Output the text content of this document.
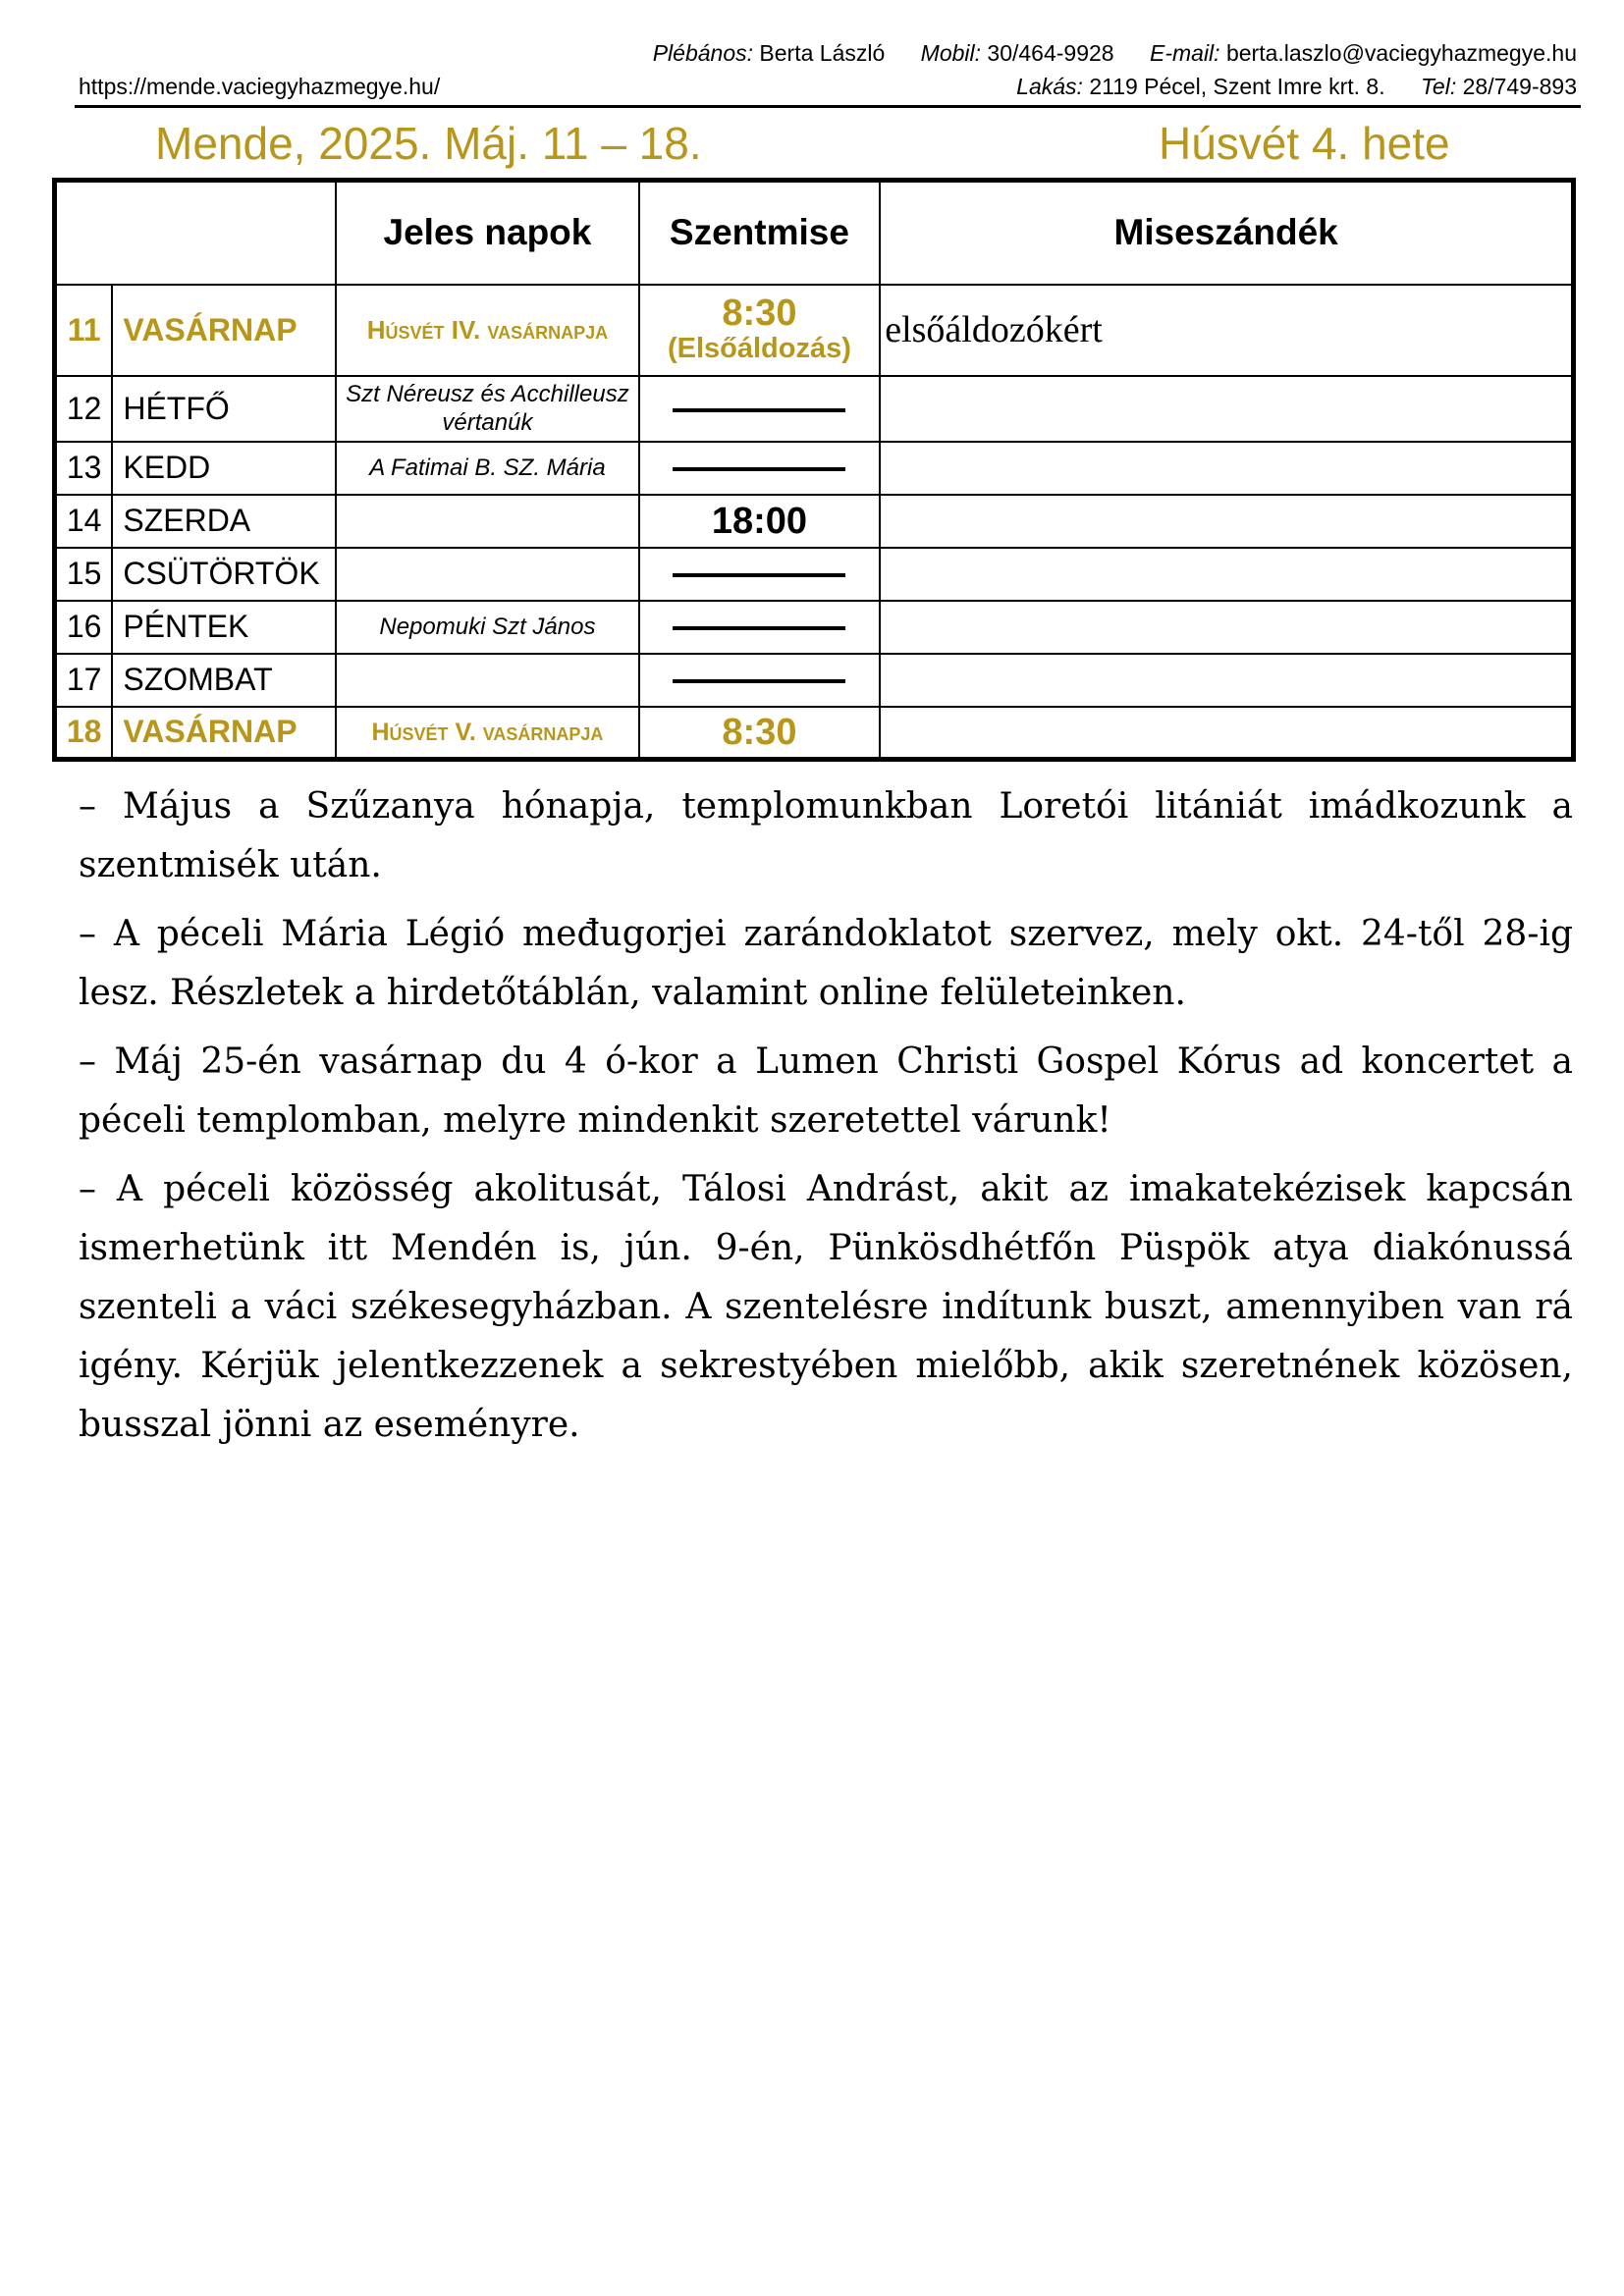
Plébános: Berta László Mobil: 30/464-9928 E-mail: berta.laszlo@vaciegyhazmegye.hu
https://mende.vaciegyhazmegye.hu/	Lakás: 2119 Pécel, Szent Imre krt. 8. Tel: 28/749-893
Mende, 2025. Máj. 11 – 18.	Húsvét 4. hete
		Jeles napok	Szentmise	Miseszándék
11	VASÁRNAP	Húsvét IV. vasárnapja	8:30
(Elsőáldozás)	elsőáldozókért
12	HÉTFŐ	Szt Néreusz és Acchilleusz vértanúk		
13	KEDD	A Fatimai B. SZ. Mária		
14	SZERDA		18:00	
15	CSÜTÖRTÖK			
16	PÉNTEK	Nepomuki Szt János		
17	SZOMBAT			
18	VASÁRNAP	Húsvét V. vasárnapja	8:30	

– Május a Szűzanya hónapja, templomunkban Loretói litániát imádkozunk a szentmisék után.

– A péceli Mária Légió međugorjei zarándoklatot szervez, mely okt. 24-től 28-ig lesz. Részletek a hirdetőtáblán, valamint online felületeinken.

– Máj 25-én vasárnap du 4 ó-kor a Lumen Christi Gospel Kórus ad koncertet a péceli templomban, melyre mindenkit szeretettel várunk!

– A péceli közösség akolitusát, Tálosi Andrást, akit az imakatekézisek kapcsán ismerhetünk itt Mendén is, jún. 9-én, Pünkösdhétfőn Püspök atya diakónussá szenteli a váci székesegyházban. A szentelésre indítunk buszt, amennyiben van rá igény. Kérjük jelentkezzenek a sekrestyében mielőbb, akik szeretnének közösen, busszal jönni az eseményre.
